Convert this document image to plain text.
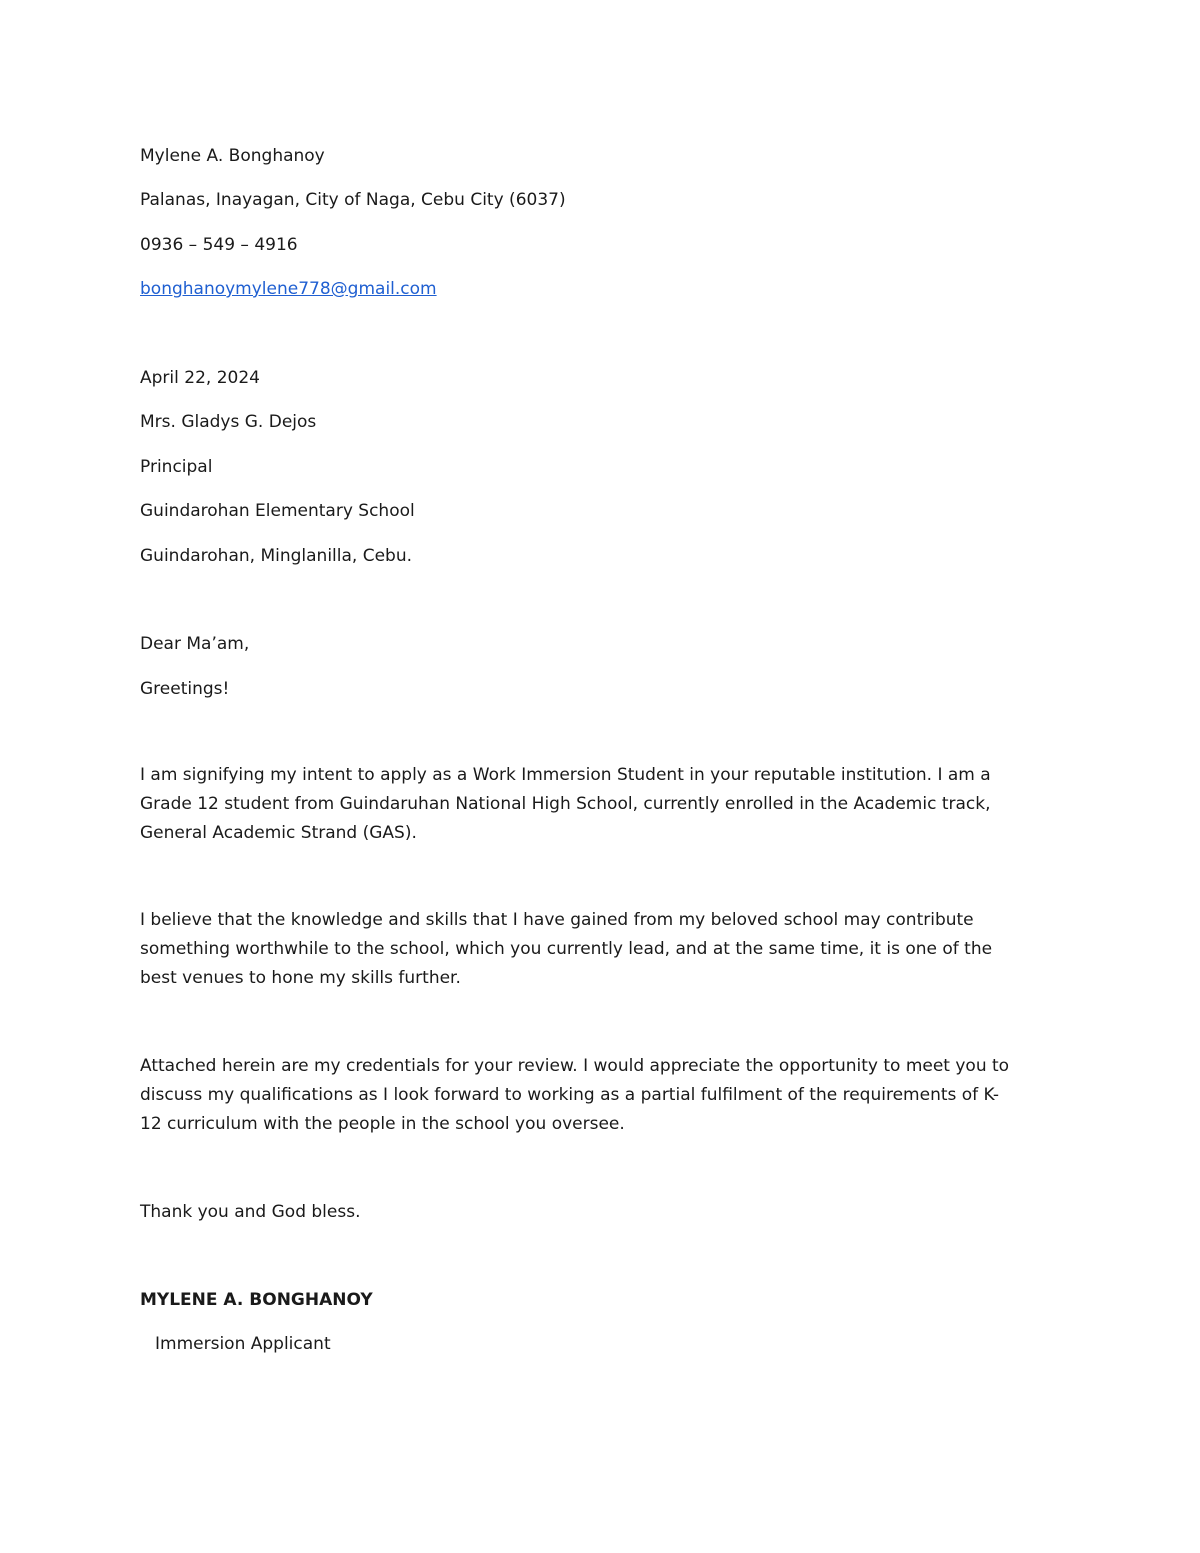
Mylene A. Bonghanoy
Palanas, Inayagan, City of Naga, Cebu City (6037)
0936 – 549 – 4916
bonghanoymylene778@gmail.com
April 22, 2024
Mrs. Gladys G. Dejos
Principal
Guindarohan Elementary School
Guindarohan, Minglanilla, Cebu.
Dear Ma’am,
Greetings!
I am signifying my intent to apply as a Work Immersion Student in your reputable institution. I am a
Grade 12 student from Guindaruhan National High School, currently enrolled in the Academic track,
General Academic Strand (GAS).
I believe that the knowledge and skills that I have gained from my beloved school may contribute
something worthwhile to the school, which you currently lead, and at the same time, it is one of the
best venues to hone my skills further.
Attached herein are my credentials for your review. I would appreciate the opportunity to meet you to
discuss my qualifications as I look forward to working as a partial fulfilment of the requirements of K-
12 curriculum with the people in the school you oversee.
Thank you and God bless.
MYLENE A. BONGHANOY
Immersion Applicant
